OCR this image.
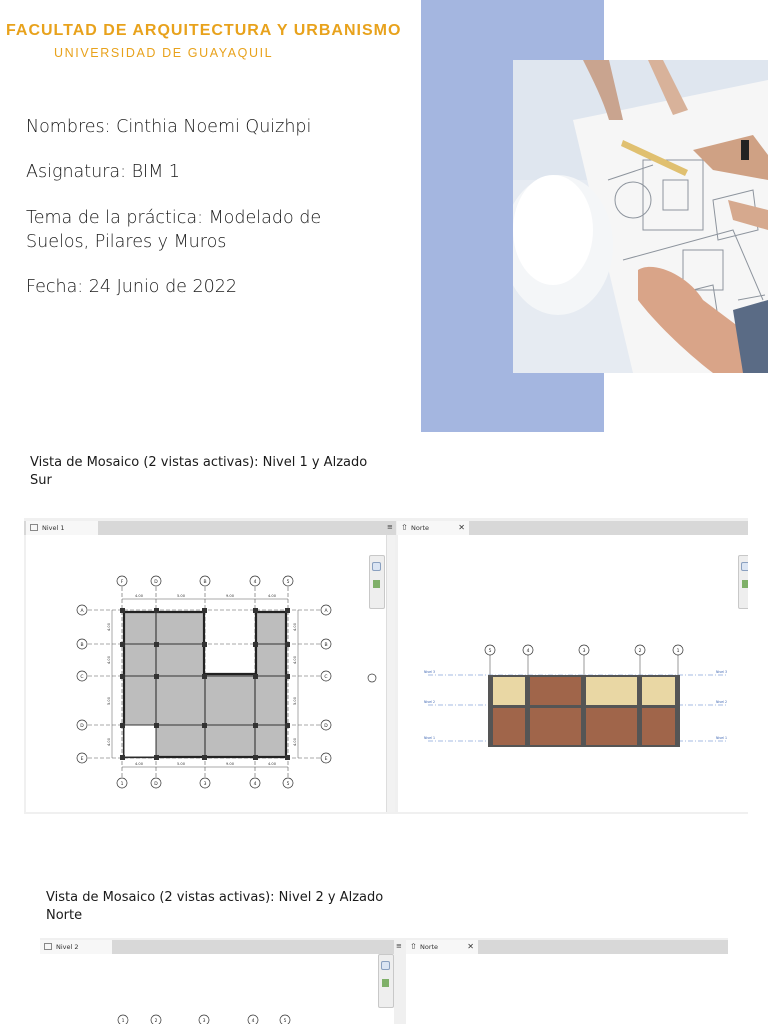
FACULTAD DE ARQUITECTURA Y URBANISMO
UNIVERSIDAD DE GUAYAQUIL
Nombres: Cinthia Noemi Quizhpi
Asignatura: BIM 1
Tema de la práctica: Modelado de
Suelos, Pilares y Muros
Fecha: 24 Junio de 2022
Vista de Mosaico (2 vistas activas): Nivel 1 y Alzado
Sur
Nivel 1	≡ ⇧ Norte	✕
4.00	5.00	9.00	4.00
4.00	5.00	9.00	4.00
4.00
4.00
5.00
4.00
4.00
4.00
5.00
4.00
F	D	B	4	5
1	D	3	4	5
A
B
C
D
E
A
B
C
D
E
5	4	3	2	1
Nivel 3
Nivel 2
Nivel 1
Nivel 3
Nivel 2
Nivel 1
Vista de Mosaico (2 vistas activas): Nivel 2 y Alzado
Norte
Nivel 2	≡ ⇧ Norte	✕
1	2	3	4	5
